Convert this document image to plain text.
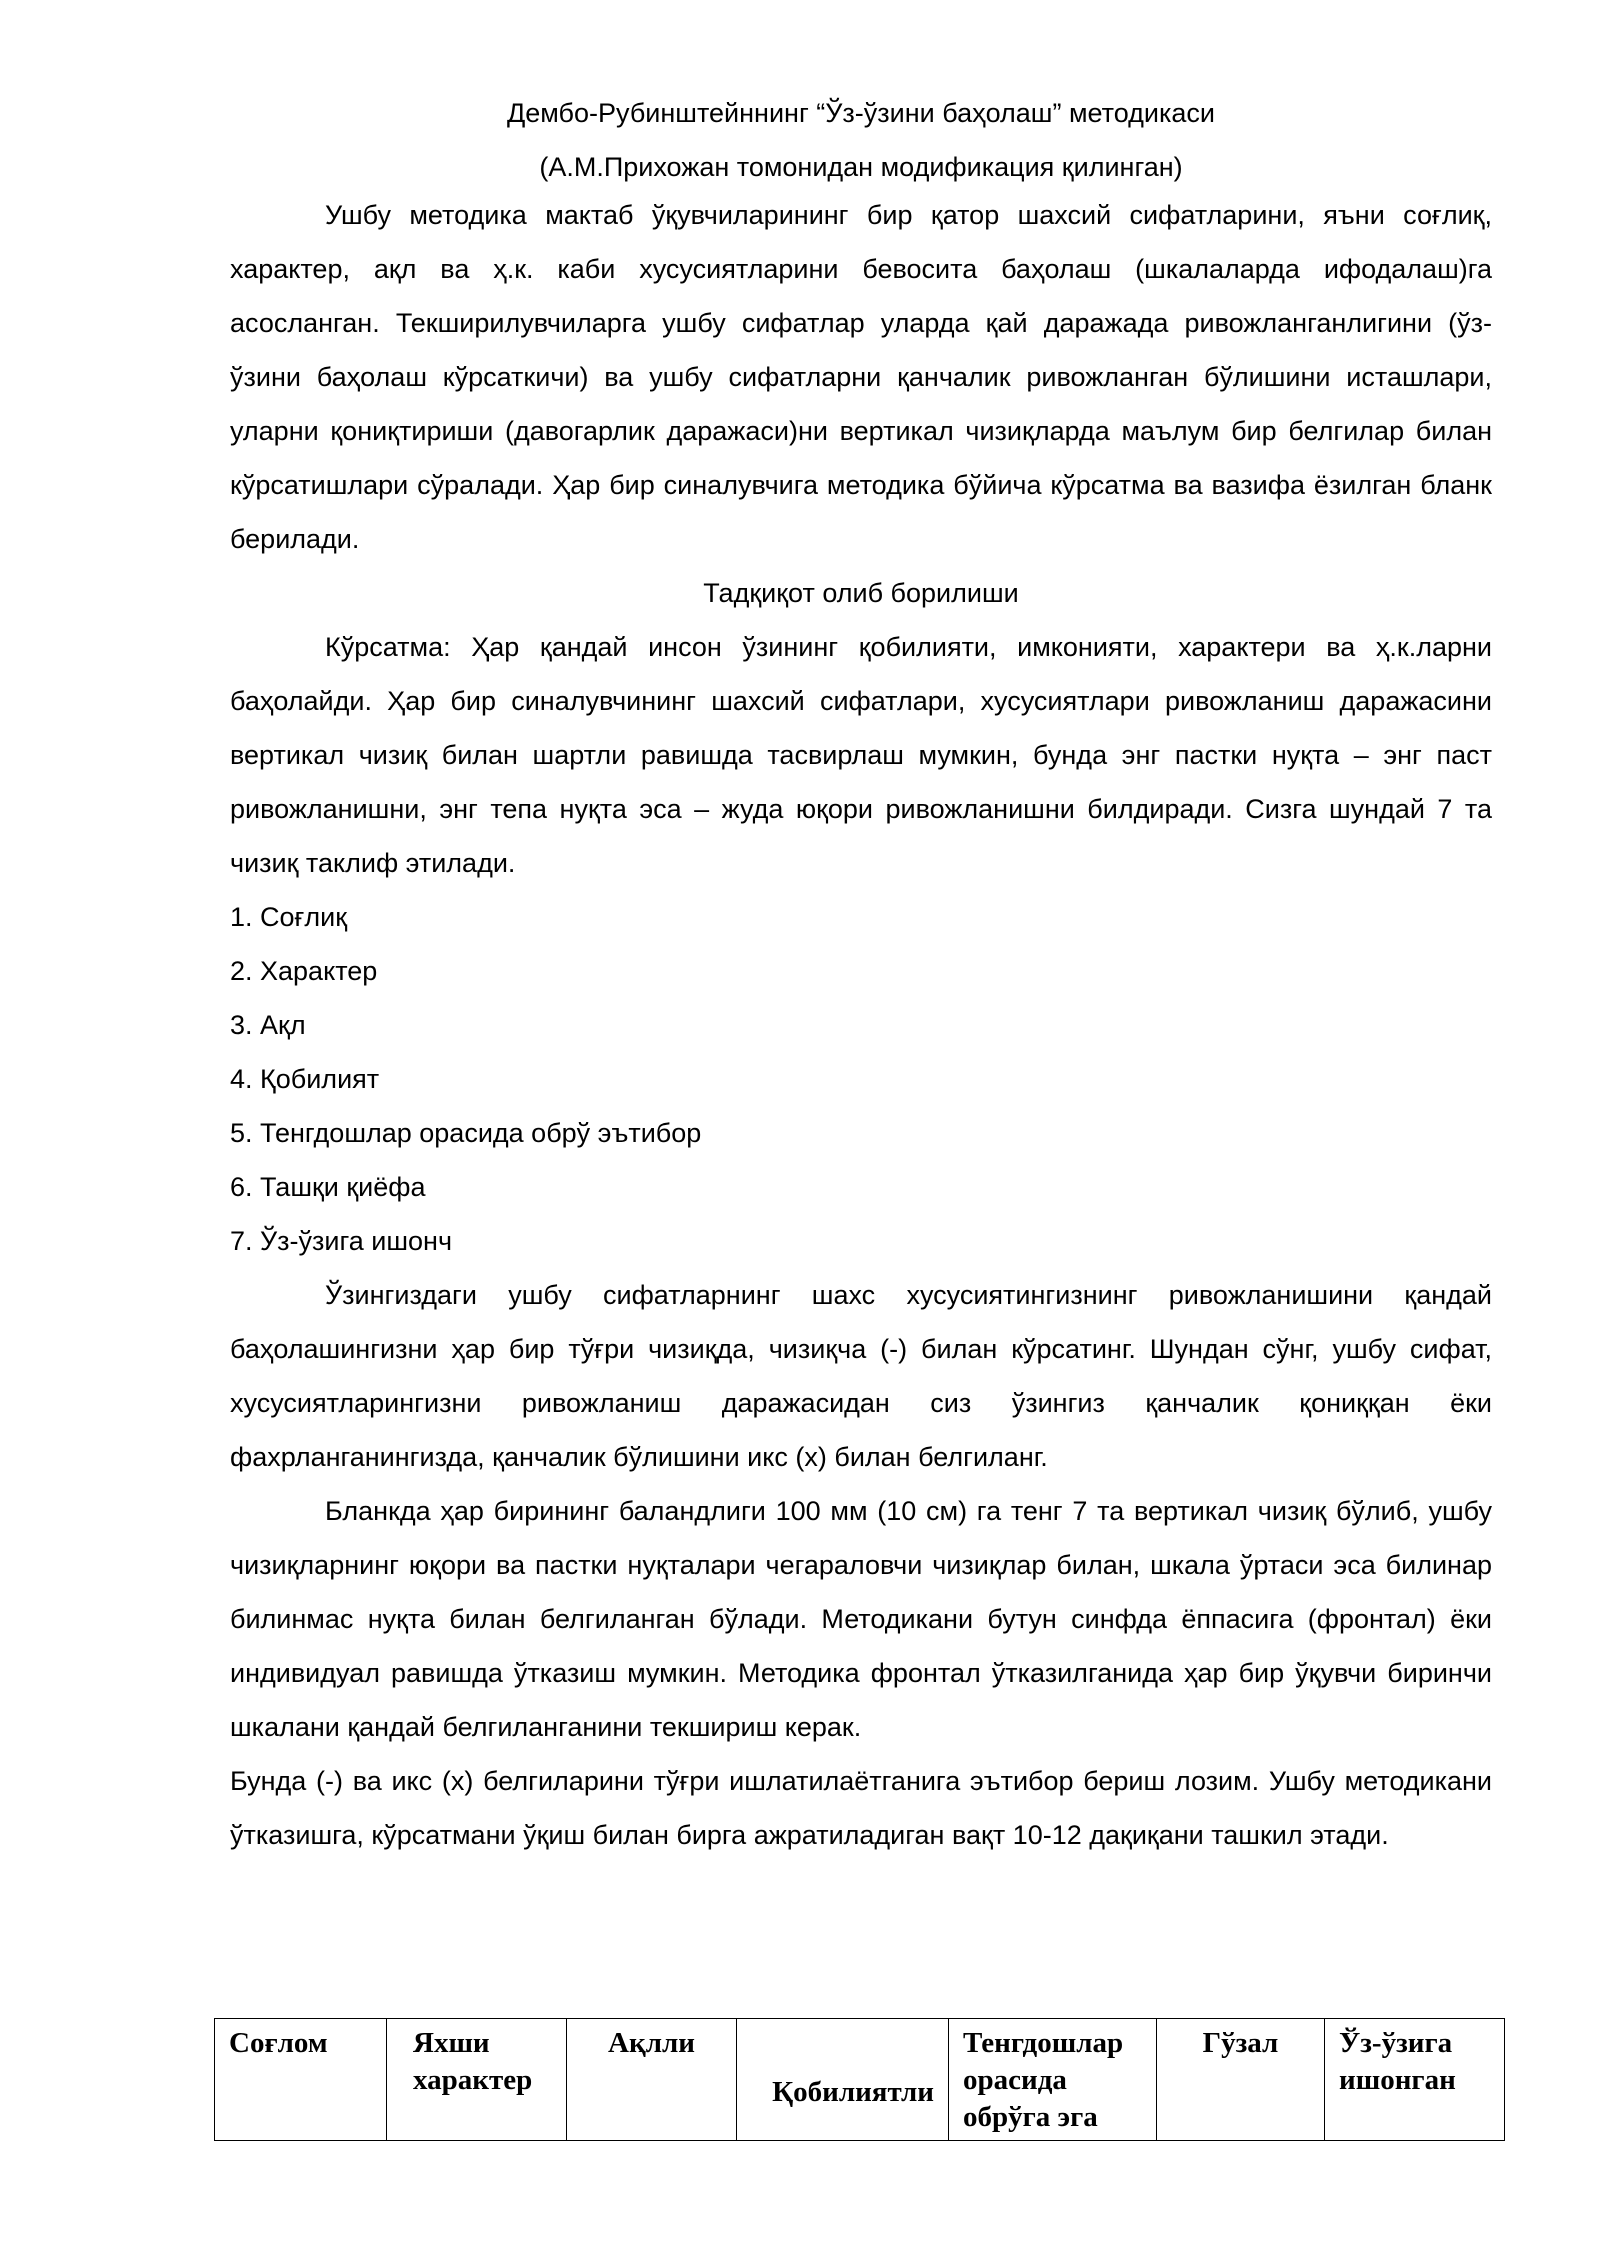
Дембо-Рубинштейннинг “Ўз-ўзини баҳолаш” методикаси

(А.М.Прихожан томонидан модификация қилинган)

Ушбу методика мактаб ўқувчиларининг бир қатор шахсий сифатларини, яъни соғлиқ, характер, ақл ва ҳ.к. каби хусусиятларини бевосита баҳолаш (шкалаларда ифодалаш)га асосланган. Текширилувчиларга ушбу сифатлар уларда қай даражада ривожланганлигини (ўз-ўзини баҳолаш кўрсаткичи) ва ушбу сифатларни қанчалик ривожланган бўлишини исташлари, уларни қониқтириши (давогарлик даражаси)ни вертикал чизиқларда маълум бир белгилар билан кўрсатишлари сўралади. Ҳар бир синалувчига методика бўйича кўрсатма ва вазифа ёзилган бланк берилади.

Тадқиқот олиб борилиши

Кўрсатма: Ҳар қандай инсон ўзининг қобилияти, имконияти, характери ва ҳ.к.ларни баҳолайди. Ҳар бир синалувчининг шахсий сифатлари, хусусиятлари ривожланиш даражасини вертикал чизиқ билан шартли равишда тасвирлаш мумкин, бунда энг пастки нуқта – энг паст ривожланишни, энг тепа нуқта эса – жуда юқори ривожланишни билдиради. Сизга шундай 7 та чизиқ таклиф этилади.

1. Соғлиқ
2. Характер
3. Ақл
4. Қобилият
5. Тенгдошлар орасида обрў эътибор
6. Ташқи қиёфа
7. Ўз-ўзига ишонч

Ўзингиздаги ушбу сифатларнинг шахс хусусиятингизнинг ривожланишини қандай баҳолашингизни ҳар бир тўғри чизиқда, чизиқча (-) билан кўрсатинг. Шундан сўнг, ушбу сифат, хусусиятларингизни ривожланиш даражасидан сиз ўзингиз қанчалик қониққан ёки фахрланганингизда, қанчалик бўлишини икс (х) билан белгиланг.

Бланкда ҳар бирининг баландлиги 100 мм (10 см) га тенг 7 та вертикал чизиқ бўлиб, ушбу чизиқларнинг юқори ва пастки нуқталари чегараловчи чизиқлар билан, шкала ўртаси эса билинар билинмас нуқта билан белгиланган бўлади. Методикани бутун синфда ёппасига (фронтал) ёки индивидуал равишда ўтказиш мумкин. Методика фронтал ўтказилганида ҳар бир ўқувчи биринчи шкалани қандай белгиланганини текшириш керак.

Бунда (-) ва икс (х) белгиларини тўғри ишлатилаётганига эътибор бериш лозим. Ушбу методикани ўтказишга, кўрсатмани ўқиш билан бирга ажратиладиган вақт 10-12 дақиқани ташкил этади.

Соғлом	Яхши характер	Ақлли	Қобилиятли	Тенгдошлар орасида обрўга эга	Гўзал	Ўз-ўзига ишонган
